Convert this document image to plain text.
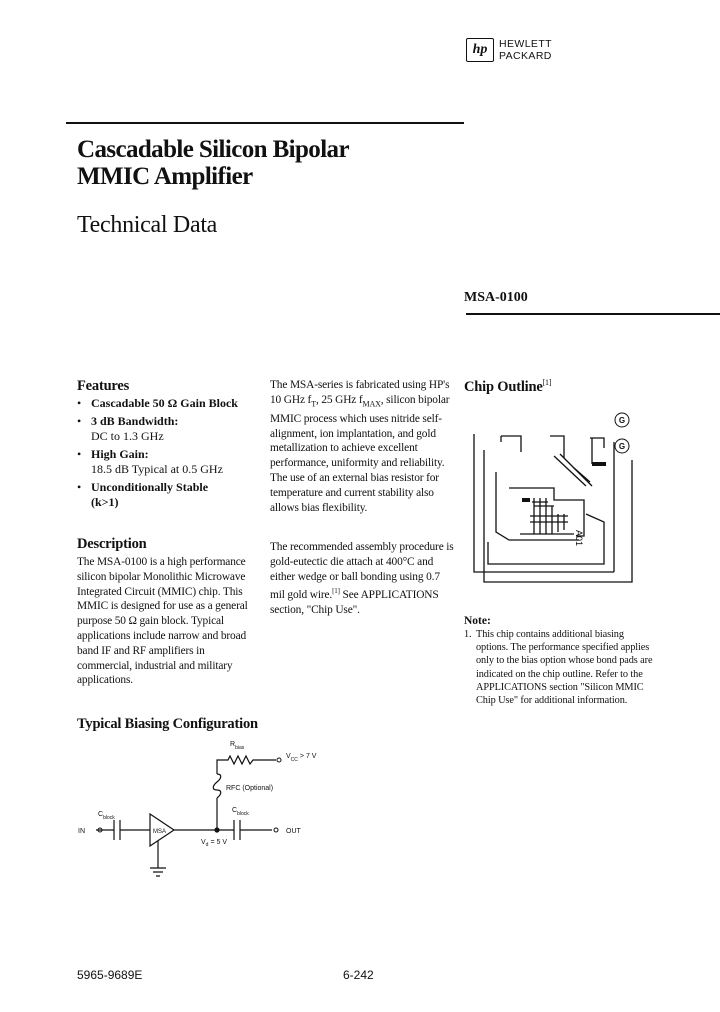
hp HEWLETT
PACKARD
Cascadable Silicon Bipolar
MMIC Amplifier
Technical Data
MSA-0100
Features
• Cascadable 50 Ω Gain Block
• 3 dB Bandwidth:
DC to 1.3 GHz
• High Gain:
18.5 dB Typical at 0.5 GHz
• Unconditionally Stable
(k>1)
Description

The MSA-0100 is a high performance silicon bipolar Monolithic Microwave Integrated Circuit (MMIC) chip. This MMIC is designed for use as a general purpose 50 Ω gain block. Typical applications include narrow and broad band IF and RF amplifiers in commercial, industrial and military applications.

The MSA-series is fabricated using HP's 10 GHz $f_T$, 25 GHz $f_{MAX}$, silicon bipolar MMIC process which uses nitride self-alignment, ion implantation, and gold metallization to achieve excellent performance, uniformity and reliability. The use of an external bias resistor for temperature and current stability also allows bias flexibility.

The recommended assembly procedure is gold-eutectic die attach at 400°C and either wedge or ball bonding using 0.7 mil gold wire.[1] See APPLICATIONS section, "Chip Use".

Chip Outline[1]
G
G
A01
Note:
1. This chip contains additional biasing options. The performance specified applies only to the bias option whose bond pads are indicated on the chip outline. Refer to the APPLICATIONS section "Silicon MMIC Chip Use" for additional information.
Typical Biasing Configuration
IN	OUT
MSA
$C_{block}$
$C_{block}$
RFC (Optional)
$R_{bias}$
$V_{CC} > 7$ V
$V_d = 5$ V
5965-9689E	6-242
